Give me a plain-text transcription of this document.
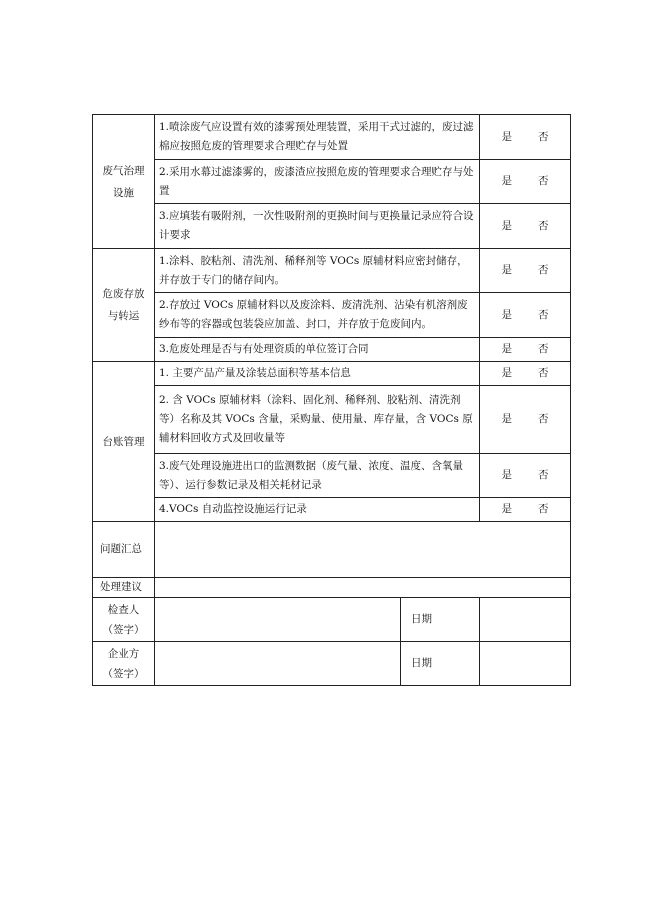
废气治理
设施	1.喷涂废气应设置有效的漆雾预处理装置，采用干式过滤的，废过滤棉应按照危废的管理要求合理贮存与处置		是 否
	2.采用水幕过滤漆雾的，废漆渣应按照危废的管理要求合理贮存与处置		是 否
	3.应填装有吸附剂，一次性吸附剂的更换时间与更换量记录应符合设计要求		是 否
危废存放
与转运	1.涂料、胶粘剂、清洗剂、稀释剂等 VOCs 原辅材料应密封储存，并存放于专门的储存间内。		是 否
	2.存放过 VOCs 原辅材料以及废涂料、废清洗剂、沾染有机溶剂废纱布等的容器或包装袋应加盖、封口，并存放于危废间内。		是 否
	3.危废处理是否与有处理资质的单位签订合同		是 否
台账管理	1. 主要产品产量及涂装总面积等基本信息		是 否
	2. 含 VOCs 原辅材料（涂料、固化剂、稀释剂、胶粘剂、清洗剂等）名称及其 VOCs 含量，采购量、使用量、库存量，含 VOCs 原辅材料回收方式及回收量等		是 否
	3.废气处理设施进出口的监测数据（废气量、浓度、温度、含氧量等）、运行参数记录及相关耗材记录		是 否
	4.VOCs 自动监控设施运行记录		是 否
问题汇总			
处理建议			
检查人
（签字）		日期	
企业方
（签字）		日期	
